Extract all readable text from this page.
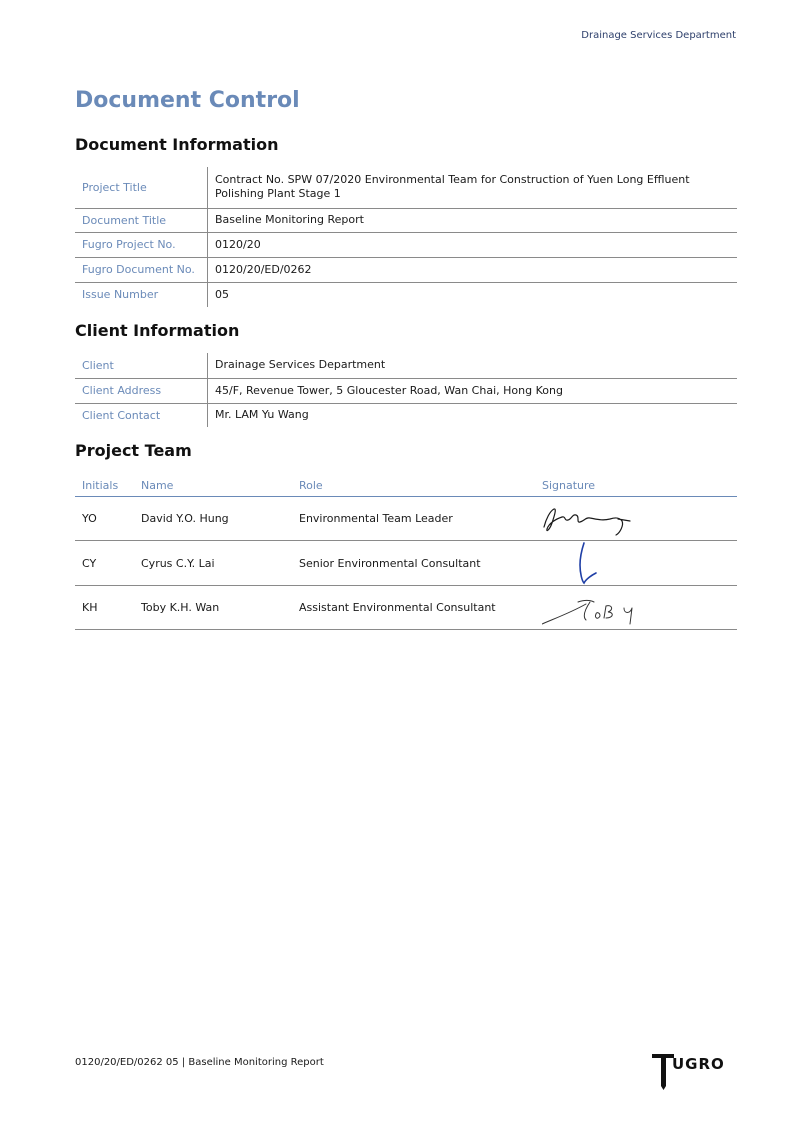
Drainage Services Department
Document Control
Document Information
Project Title	Contract No. SPW 07/2020 Environmental Team for Construction of Yuen Long Effluent Polishing Plant Stage 1
Document Title	Baseline Monitoring Report
Fugro Project No.	0120/20
Fugro Document No.	0120/20/ED/0262
Issue Number	05
Client Information
Client	Drainage Services Department
Client Address	45/F, Revenue Tower, 5 Gloucester Road, Wan Chai, Hong Kong
Client Contact	Mr. LAM Yu Wang
Project Team
Initials	Name	Role	Signature
YO	David Y.O. Hung	Environmental Team Leader	

CY	Cyrus C.Y. Lai	Senior Environmental Consultant	

KH	Toby K.H. Wan	Assistant Environmental Consultant	
0120/20/ED/0262 05 | Baseline Monitoring Report	UGRO
